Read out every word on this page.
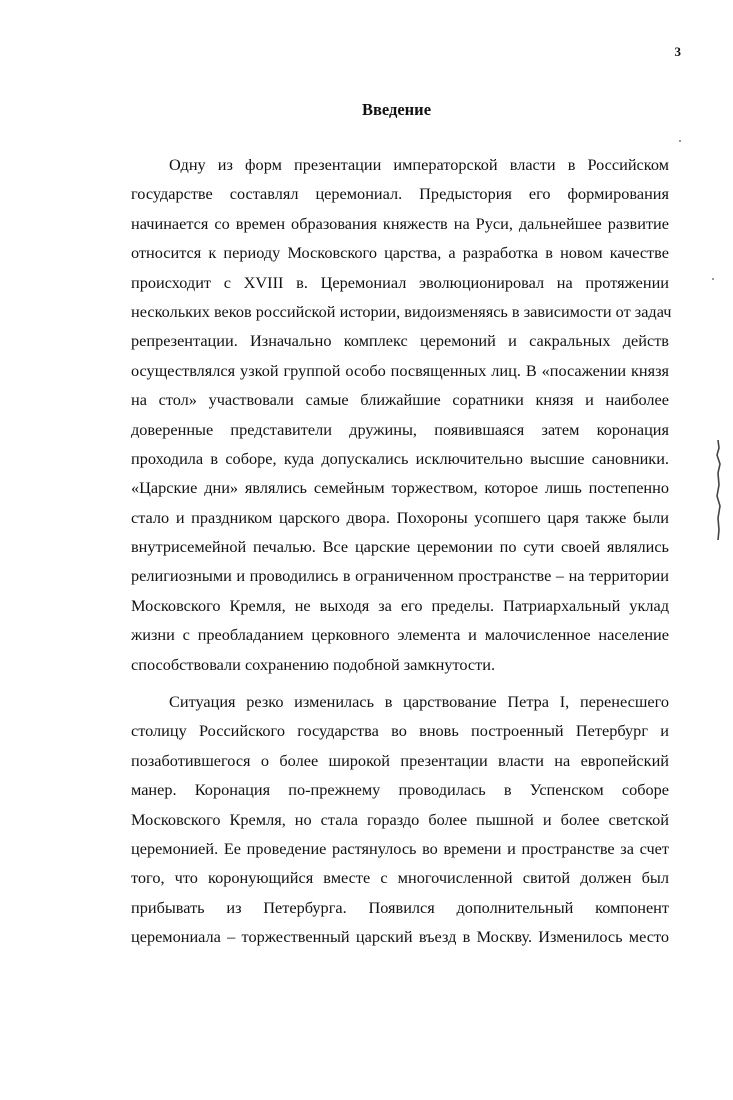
3
Введение
Одну из форм презентации императорской власти в Российском
государстве составлял церемониал. Предыстория его формирования
начинается со времен образования княжеств на Руси, дальнейшее развитие
относится к периоду Московского царства, а разработка в новом качестве
происходит с XVIII в. Церемониал эволюционировал на протяжении
нескольких веков российской истории, видоизменяясь в зависимости от задач
репрезентации. Изначально комплекс церемоний и сакральных действ
осуществлялся узкой группой особо посвященных лиц. В «посажении князя
на стол» участвовали самые ближайшие соратники князя и наиболее
доверенные представители дружины, появившаяся затем коронация
проходила в соборе, куда допускались исключительно высшие сановники.
«Царские дни» являлись семейным торжеством, которое лишь постепенно
стало и праздником царского двора. Похороны усопшего царя также были
внутрисемейной печалью. Все царские церемонии по сути своей являлись
религиозными и проводились в ограниченном пространстве – на территории
Московского Кремля, не выходя за его пределы. Патриархальный уклад
жизни с преобладанием церковного элемента и малочисленное население
способствовали сохранению подобной замкнутости.
Ситуация резко изменилась в царствование Петра I, перенесшего
столицу Российского государства во вновь построенный Петербург и
позаботившегося о более широкой презентации власти на европейский
манер. Коронация по-прежнему проводилась в Успенском соборе
Московского Кремля, но стала гораздо более пышной и более светской
церемонией. Ее проведение растянулось во времени и пространстве за счет
того, что коронующийся вместе с многочисленной свитой должен был
прибывать из Петербурга. Появился дополнительный компонент
церемониала – торжественный царский въезд в Москву. Изменилось место
